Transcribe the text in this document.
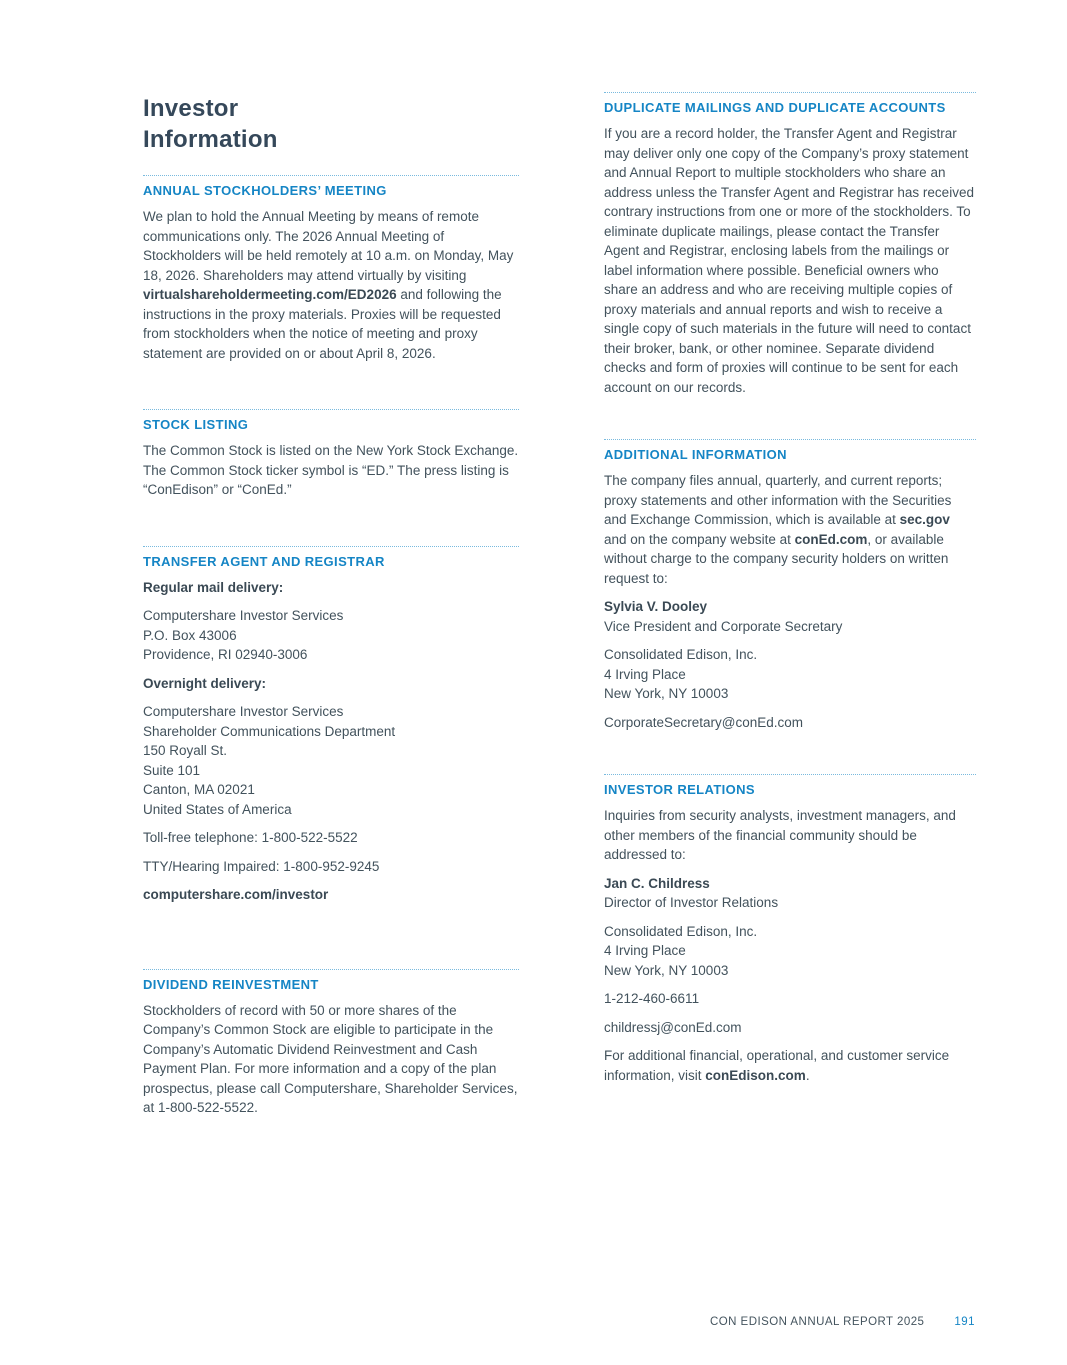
Investor
Information
ANNUAL STOCKHOLDERS’ MEETING

We plan to hold the Annual Meeting by means of remote communications only. The 2026 Annual Meeting of Stockholders will be held remotely at 10 a.m. on Monday, May 18, 2026. Shareholders may attend virtually by visiting virtualshareholdermeeting.com/ED2026 and following the instructions in the proxy materials. Proxies will be requested from stockholders when the notice of meeting and proxy statement are provided on or about April 8, 2026.

STOCK LISTING

The Common Stock is listed on the New York Stock Exchange. The Common Stock ticker symbol is “ED.” The press listing is “ConEdison” or “ConEd.”

TRANSFER AGENT AND REGISTRAR

Regular mail delivery:

Computershare Investor Services
P.O. Box 43006
Providence, RI 02940-3006

Overnight delivery:

Computershare Investor Services
Shareholder Communications Department
150 Royall St.
Suite 101
Canton, MA 02021
United States of America

Toll-free telephone: 1-800-522-5522

TTY/Hearing Impaired: 1-800-952-9245

computershare.com/investor

DIVIDEND REINVESTMENT

Stockholders of record with 50 or more shares of the Company’s Common Stock are eligible to participate in the Company’s Automatic Dividend Reinvestment and Cash Payment Plan. For more information and a copy of the plan prospectus, please call Computershare, Shareholder Services, at 1-800-522-5522.

DUPLICATE MAILINGS AND DUPLICATE ACCOUNTS

If you are a record holder, the Transfer Agent and Registrar may deliver only one copy of the Company’s proxy statement and Annual Report to multiple stockholders who share an address unless the Transfer Agent and Registrar has received contrary instructions from one or more of the stockholders. To eliminate duplicate mailings, please contact the Transfer Agent and Registrar, enclosing labels from the mailings or label information where possible. Beneficial owners who share an address and who are receiving multiple copies of proxy materials and annual reports and wish to receive a single copy of such materials in the future will need to contact their broker, bank, or other nominee. Separate dividend checks and form of proxies will continue to be sent for each account on our records.

ADDITIONAL INFORMATION

The company files annual, quarterly, and current reports; proxy statements and other information with the Securities and Exchange Commission, which is available at sec.gov and on the company website at conEd.com, or available without charge to the company security holders on written request to:

Sylvia V. Dooley
Vice President and Corporate Secretary

Consolidated Edison, Inc.
4 Irving Place
New York, NY 10003

CorporateSecretary@conEd.com

INVESTOR RELATIONS

Inquiries from security analysts, investment managers, and other members of the financial community should be addressed to:

Jan C. Childress
Director of Investor Relations

Consolidated Edison, Inc.
4 Irving Place
New York, NY 10003

1-212-460-6611

childressj@conEd.com

For additional financial, operational, and customer service information, visit conEdison.com.

CON EDISON ANNUAL REPORT 2025	191
